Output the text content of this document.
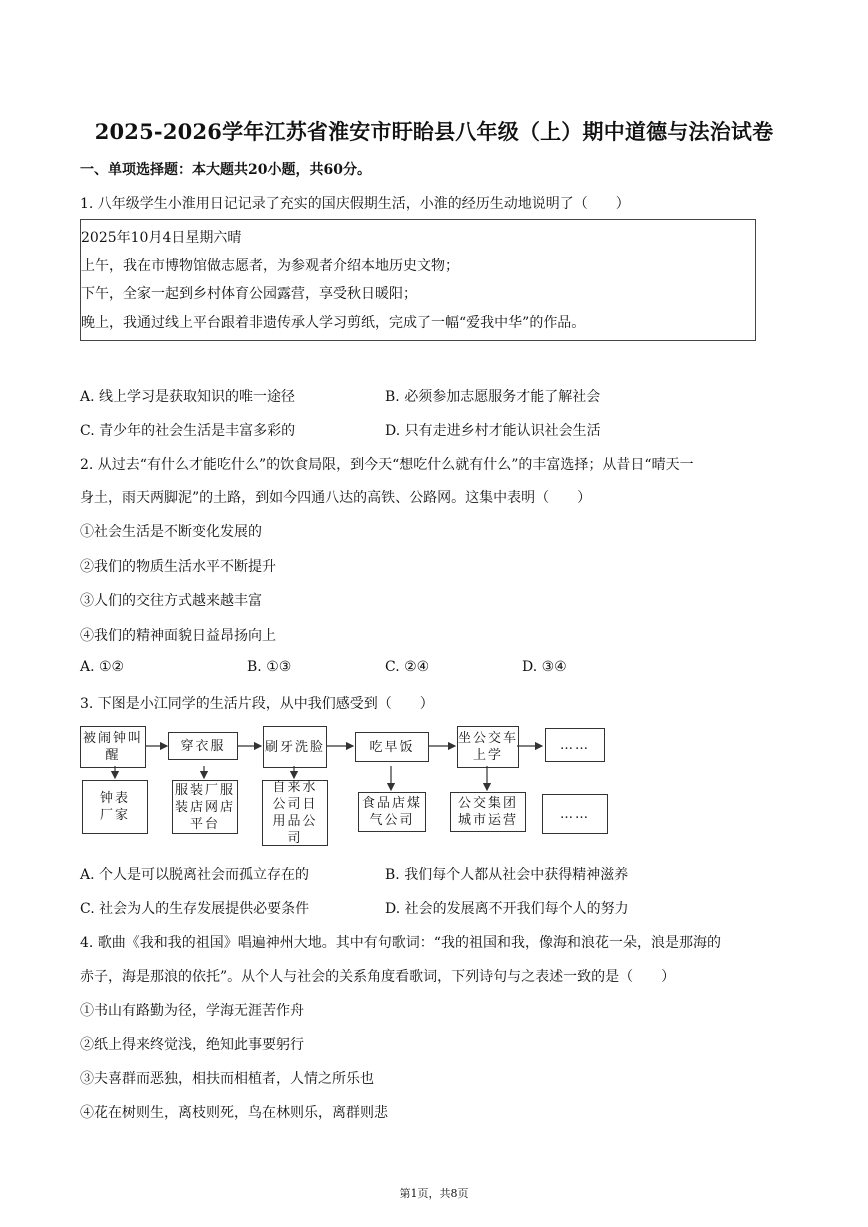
2025-2026学年江苏省淮安市盱眙县八年级（上）期中道德与法治试卷
一、单项选择题：本大题共20小题，共60分。
1. 八年级学生小淮用日记记录了充实的国庆假期生活，小淮的经历生动地说明了（　　）
2025年10月4日星期六晴
上午，我在市博物馆做志愿者，为参观者介绍本地历史文物；
下午，全家一起到乡村体育公园露营，享受秋日暖阳；
晚上，我通过线上平台跟着非遗传承人学习剪纸，完成了一幅“爱我中华”的作品。
A. 线上学习是获取知识的唯一途径	B. 必须参加志愿服务才能了解社会
C. 青少年的社会生活是丰富多彩的	D. 只有走进乡村才能认识社会生活
2. 从过去“有什么才能吃什么”的饮食局限，到今天“想吃什么就有什么”的丰富选择；从昔日“晴天一
身土，雨天两脚泥”的土路，到如今四通八达的高铁、公路网。这集中表明（　　）
①社会生活是不断变化发展的
②我们的物质生活水平不断提升
③人们的交往方式越来越丰富
④我们的精神面貌日益昂扬向上
A. ①②	B. ①③	C. ②④	D. ③④
3. 下图是小江同学的生活片段，从中我们感受到（　　）
被闹钟叫醒
穿衣服	刷牙洗脸	吃早饭
坐公交车上学
……
钟表厂家
服装厂服装店网店平台
自来水公司日用品公司
食品店煤气公司
公交集团城市运营	……
A. 个人是可以脱离社会而孤立存在的	B. 我们每个人都从社会中获得精神滋养
C. 社会为人的生存发展提供必要条件	D. 社会的发展离不开我们每个人的努力
4. 歌曲《我和我的祖国》唱遍神州大地。其中有句歌词：“我的祖国和我，像海和浪花一朵，浪是那海的
赤子，海是那浪的依托”。从个人与社会的关系角度看歌词，下列诗句与之表述一致的是（　　）
①书山有路勤为径，学海无涯苦作舟
②纸上得来终觉浅，绝知此事要躬行
③夫喜群而恶独，相扶而相植者，人情之所乐也
④花在树则生，离枝则死，鸟在林则乐，离群则悲
第1页，共8页
